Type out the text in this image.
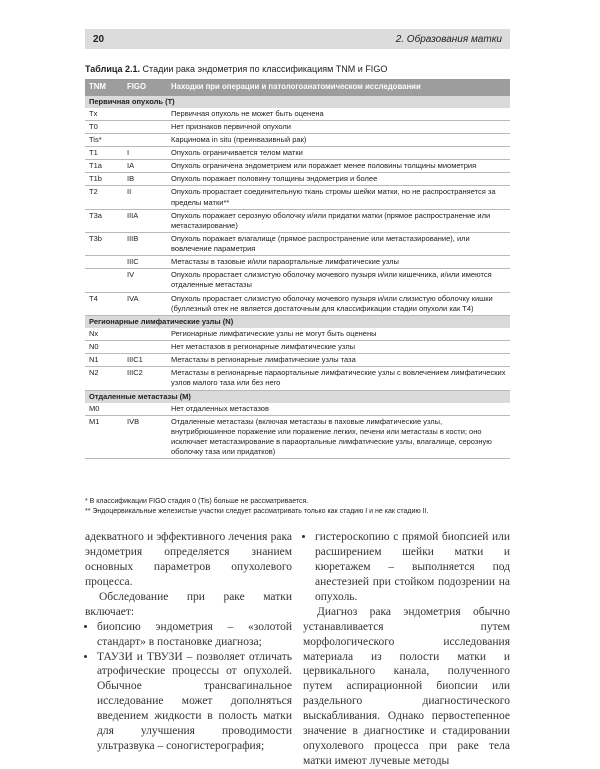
20	2. Образования матки
Таблица 2.1. Стадии рака эндометрия по классификациям TNM и FIGO
TNM	FIGO	Находки при операции и патологоанатомическом исследовании
Первичная опухоль (T)		
Tx		Первичная опухоль не может быть оценена
T0		Нет признаков первичной опухоли
Tis*		Карцинома in situ (преинвазивный рак)
T1	I	Опухоль ограничивается телом матки
T1a	IA	Опухоль ограничена эндометрием или поражает менее половины толщины миометрия
T1b	IB	Опухоль поражает половину толщины эндометрия и более
T2	II	Опухоль прорастает соединительную ткань стромы шейки матки, но не распространяется за пределы матки**
T3a	IIIA	Опухоль поражает серозную оболочку и/или придатки матки (прямое распространение или метастазирование)
T3b	IIIB	Опухоль поражает влагалище (прямое распространение или метастазирование), или вовлечение параметрия
	IIIC	Метастазы в тазовые и/или параортальные лимфатические узлы
	IV	Опухоль прорастает слизистую оболочку мочевого пузыря и/или кишечника, и/или имеются отдаленные метастазы
T4	IVA	Опухоль прорастает слизистую оболочку мочевого пузыря и/или слизистую оболочку кишки (буллезный отек не является достаточным для классификации стадии опухоли как T4)
Регионарные лимфатические узлы (N)		
Nx		Регионарные лимфатические узлы не могут быть оценены
N0		Нет метастазов в регионарные лимфатические узлы
N1	IIIC1	Метастазы в регионарные лимфатические узлы таза
N2	IIIC2	Метастазы в регионарные параортальные лимфатические узлы с вовлечением лимфатических узлов малого таза или без него
Отдаленные метастазы (M)		
M0		Нет отдаленных метастазов
M1	IVB	Отдаленные метастазы (включая метастазы в паховые лимфатические узлы, внутрибрюшинное поражение или поражение легких, печени или метастазы в кости; оно исключает метастазирование в параортальные лимфатические узлы, влагалище, серозную оболочку таза или придатков)
* В классификации FIGO стадия 0 (Tis) больше не рассматривается.
** Эндоцервикальные железистые участки следует рассматривать только как стадию I и не как стадию II.

адекватного и эффективного лечения рака эндометрия определяется знанием основных параметров опухолевого процесса.

Обследование при раке матки включает:

• биопсию эндометрия – «золотой стандарт» в постановке диагноза;
• ТАУЗИ и ТВУЗИ – позволяет отличать атрофические процессы от опухолей. Обычное трансвагинальное исследование может дополняться введением жидкости в полость матки для улучшения проводимости ультразвука – соногистерография;
• гистероскопию с прямой биопсией или расширением шейки матки и кюретажем – выполняется под анестезией при стойком подозрении на опухоль.

Диагноз рака эндометрия обычно устанавливается путем морфологического исследования материала из полости матки и цервикального канала, полученного путем аспирационной биопсии или раздельного диагностического выскабливания. Однако первостепенное значение в диагностике и стадировании опухолевого процесса при раке тела матки имеют лучевые методы
